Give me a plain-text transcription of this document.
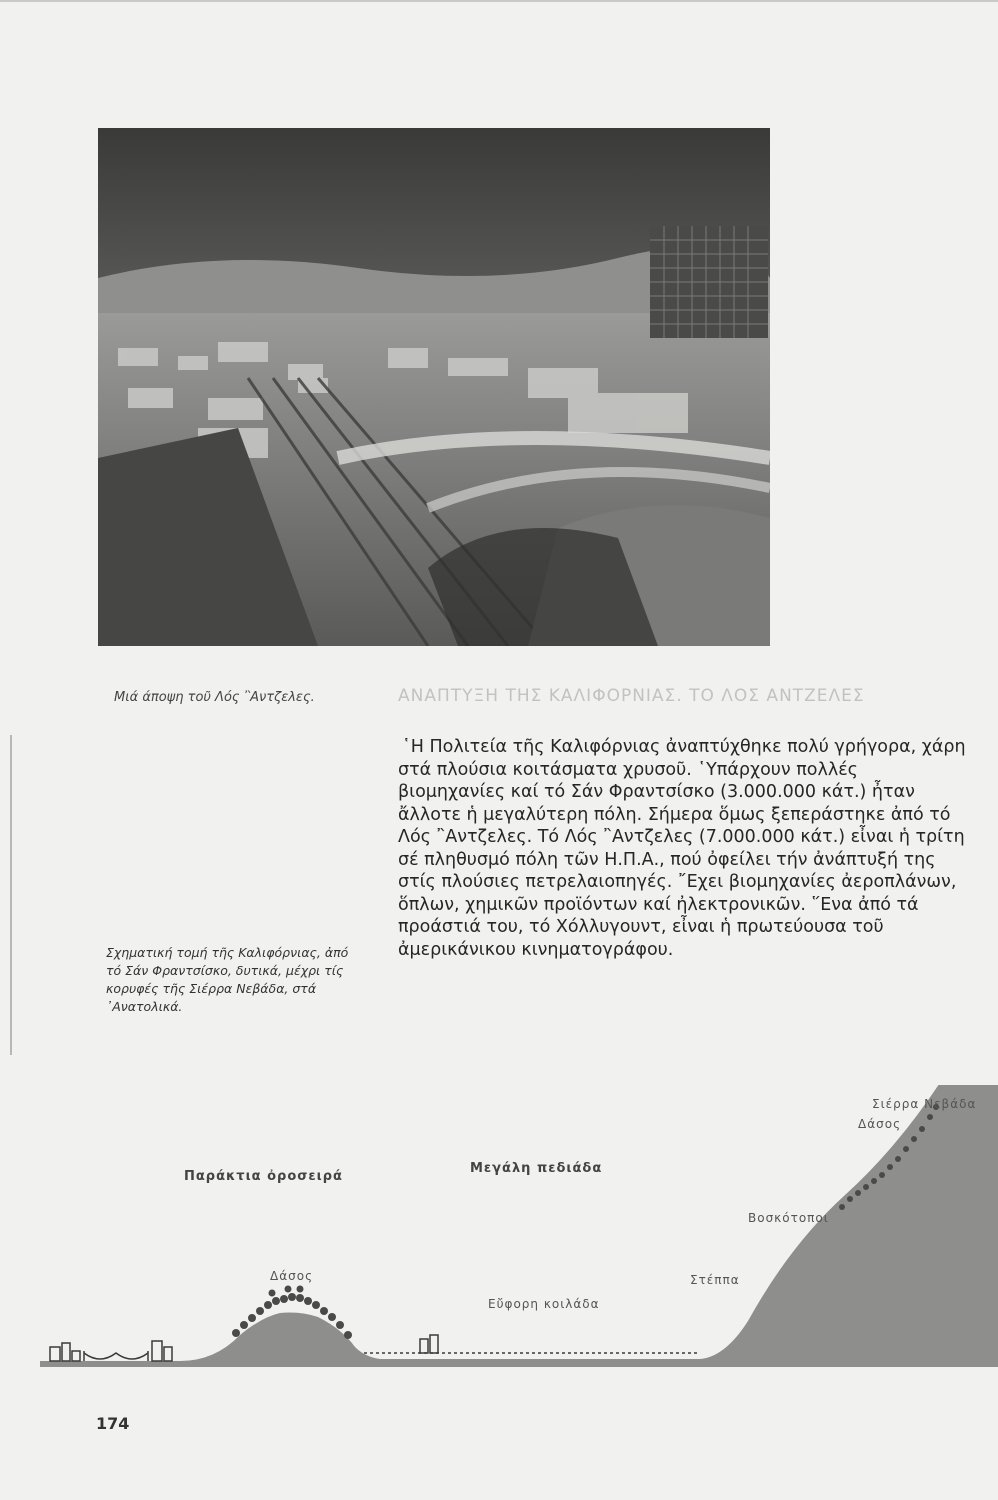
Μιά άποψη τοῦ Λός ῍Αντζελες.	ΑΝΑΠΤΥΞΗ ΤΗΣ ΚΑΛΙΦΟΡΝΙΑΣ. ΤΟ ΛΟΣ ΑΝΤΖΕΛΕΣ

῾Η Πολιτεία τῆς Καλιφόρνιας ἀναπτύχθηκε πολύ γρήγορα, χάρη στά πλούσια κοιτάσματα χρυσοῦ. ῾Υπάρχουν πολλές βιομηχανίες καί τό Σάν Φραντσίσκο (3.000.000 κάτ.) ἦταν ἄλλοτε ἡ μεγαλύτερη πόλη. Σήμερα ὅμως ξεπεράστηκε ἀπό τό Λός ῍Αντζελες. Τό Λός ῍Αντζελες (7.000.000 κάτ.) εἶναι ἡ τρίτη σέ πληθυσμό πόλη τῶν Η.Π.Α., πού ὀφείλει τήν ἀνάπτυξή της στίς πλούσιες πετρελαιοπηγές. ῎Εχει βιομηχανίες ἀεροπλάνων, ὅπλων, χημικῶν προϊόντων καί ἠλεκτρονικῶν. ῞Ενα ἀπό τά προάστιά του, τό Χόλλυγουντ, εἶναι ἡ πρωτεύουσα τοῦ ἀμερικάνικου κινηματογράφου.

Σχηματική τομή τῆς Καλιφόρνιας, ἀπό τό Σάν Φραντσίσκο, δυτικά, μέχρι τίς κορυφές τῆς Σιέρρα Νεβάδα, στά ᾿Ανατολικά.
Παράκτια ὀροσειρά
Δάσος
Μεγάλη πεδιάδα
Εὔφορη κοιλάδα
Στέππα
Βοσκότοποι
Δάσος
Σιέρρα Νεβάδα
174
